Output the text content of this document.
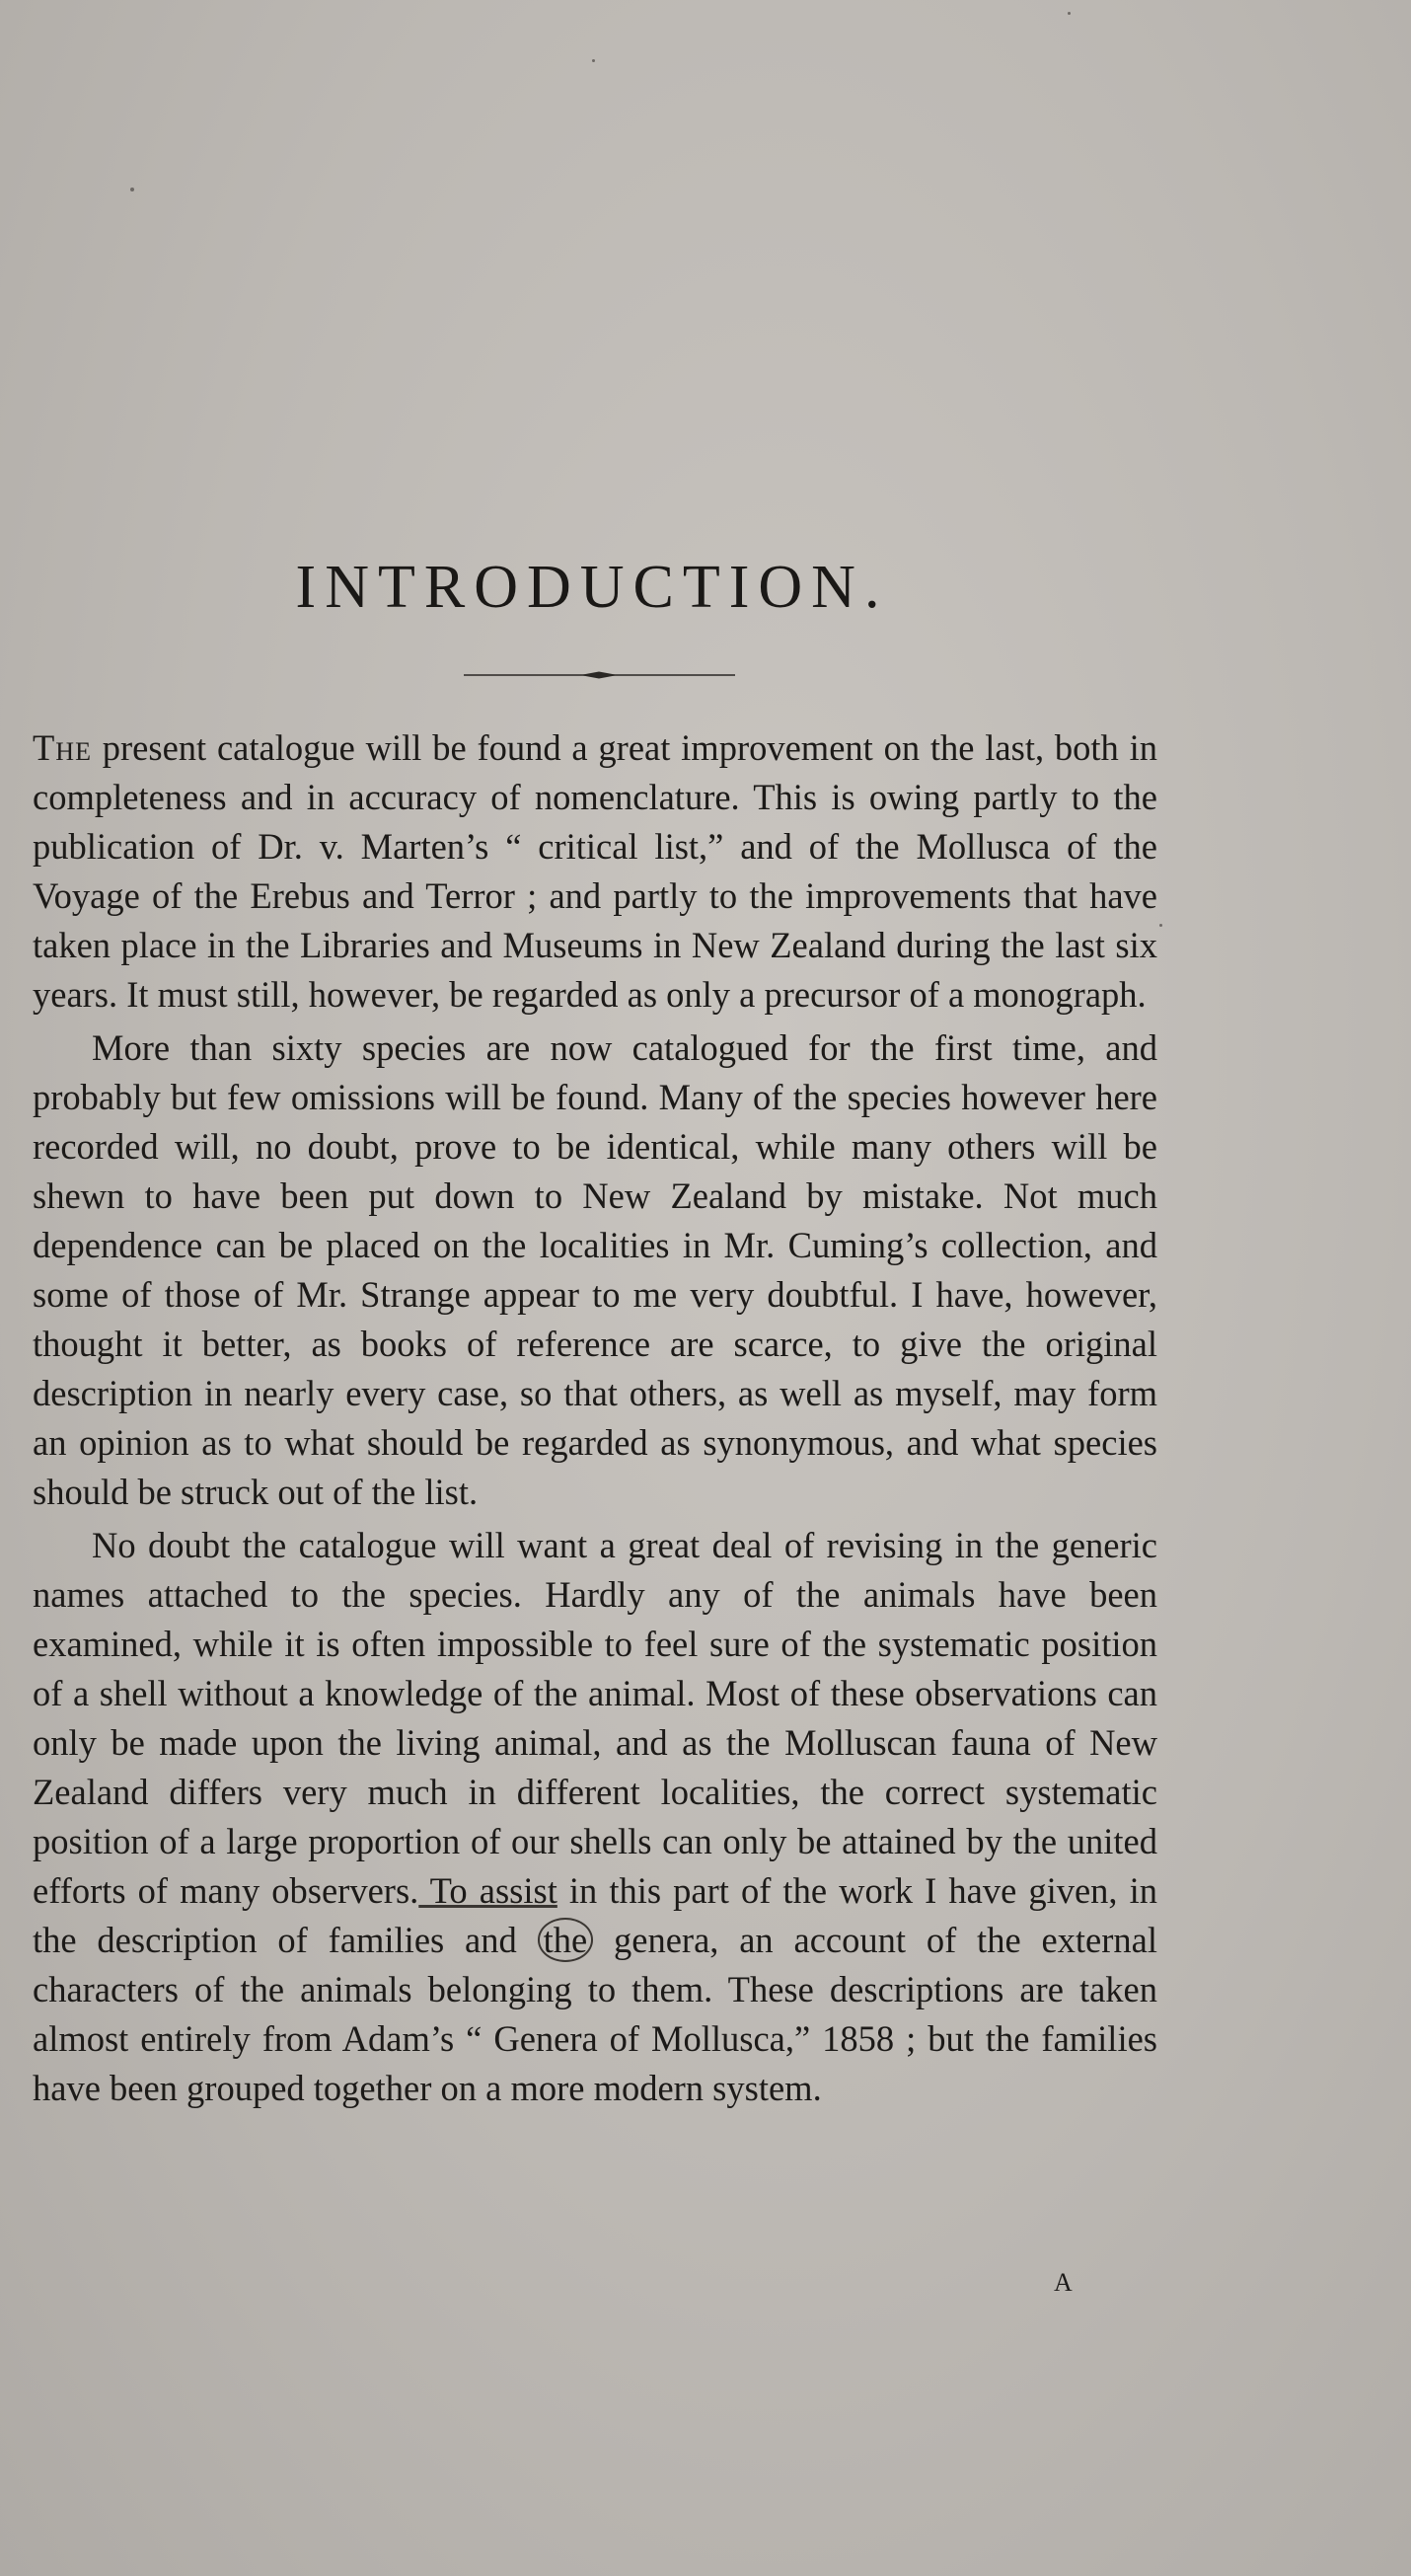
INTRODUCTION.

The present catalogue will be found a great improvement on the last, both in completeness and in accuracy of nomenclature. This is owing partly to the publication of Dr. v. Marten’s “ critical list,” and of the Mollusca of the Voyage of the Erebus and Terror ; and partly to the improvements that have taken place in the Libraries and Museums in New Zealand during the last six years. It must still, however, be regarded as only a precursor of a monograph.

More than sixty species are now catalogued for the first time, and probably but few omissions will be found. Many of the species however here recorded will, no doubt, prove to be identical, while many others will be shewn to have been put down to New Zealand by mistake. Not much dependence can be placed on the localities in Mr. Cuming’s collection, and some of those of Mr. Strange appear to me very doubtful. I have, however, thought it better, as books of reference are scarce, to give the original description in nearly every case, so that others, as well as myself, may form an opinion as to what should be regarded as synonymous, and what species should be struck out of the list.

No doubt the catalogue will want a great deal of revising in the generic names attached to the species. Hardly any of the animals have been examined, while it is often impossible to feel sure of the systematic position of a shell without a knowledge of the animal. Most of these observations can only be made upon the living animal, and as the Molluscan fauna of New Zealand differs very much in different localities, the correct systematic position of a large proportion of our shells can only be attained by the united efforts of many observers. To assist in this part of the work I have given, in the description of families and the genera, an account of the external characters of the animals belonging to them. These descriptions are taken almost entirely from Adam’s “ Genera of Mollusca,” 1858 ; but the families have been grouped together on a more modern system.

A
